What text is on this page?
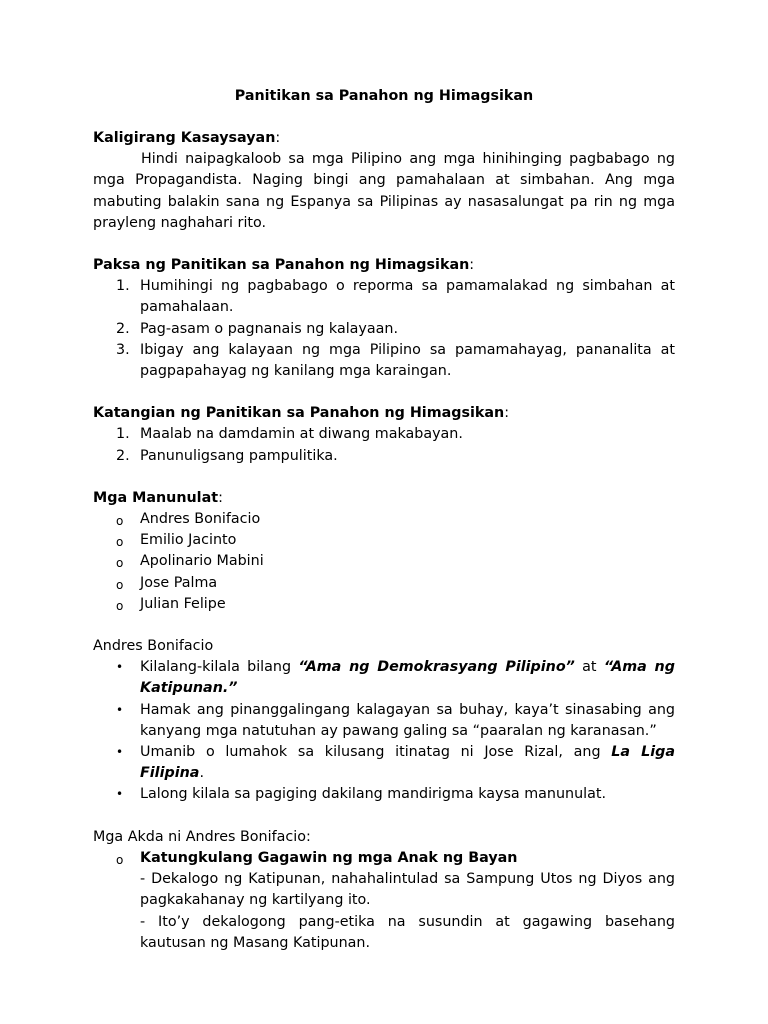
Panitikan sa Panahon ng Himagsikan
Kaligirang Kasaysayan:
Hindi naipagkaloob sa mga Pilipino ang mga hinihinging pagbabago ng mga Propagandista. Naging bingi ang pamahalaan at simbahan. Ang mga mabuting balakin sana ng Espanya sa Pilipinas ay nasasalungat pa rin ng mga prayleng naghahari rito.
Paksa ng Panitikan sa Panahon ng Himagsikan:
1. Humihingi ng pagbabago o reporma sa pamamalakad ng simbahan at pamahalaan.
2. Pag-asam o pagnanais ng kalayaan.
3. Ibigay ang kalayaan ng mga Pilipino sa pamamahayag, pananalita at pagpapahayag ng kanilang mga karaingan.
Katangian ng Panitikan sa Panahon ng Himagsikan:
1. Maalab na damdamin at diwang makabayan.
2. Panunuligsang pampulitika.
Mga Manunulat:
o Andres Bonifacio
o Emilio Jacinto
o Apolinario Mabini
o Jose Palma
o Julian Felipe
Andres Bonifacio
• Kilalang-kilala bilang “Ama ng Demokrasyang Pilipino” at “Ama ng Katipunan.”
• Hamak ang pinanggalingang kalagayan sa buhay, kaya’t sinasabing ang kanyang mga natutuhan ay pawang galing sa “paaralan ng karanasan.”
• Umanib o lumahok sa kilusang itinatag ni Jose Rizal, ang La Liga Filipina.
• Lalong kilala sa pagiging dakilang mandirigma kaysa manunulat.
Mga Akda ni Andres Bonifacio:
o Katungkulang Gagawin ng mga Anak ng Bayan
- Dekalogo ng Katipunan, nahahalintulad sa Sampung Utos ng Diyos ang pagkakahanay ng kartilyang ito.
- Ito’y dekalogong pang-etika na susundin at gagawing basehang kautusan ng Masang Katipunan.
